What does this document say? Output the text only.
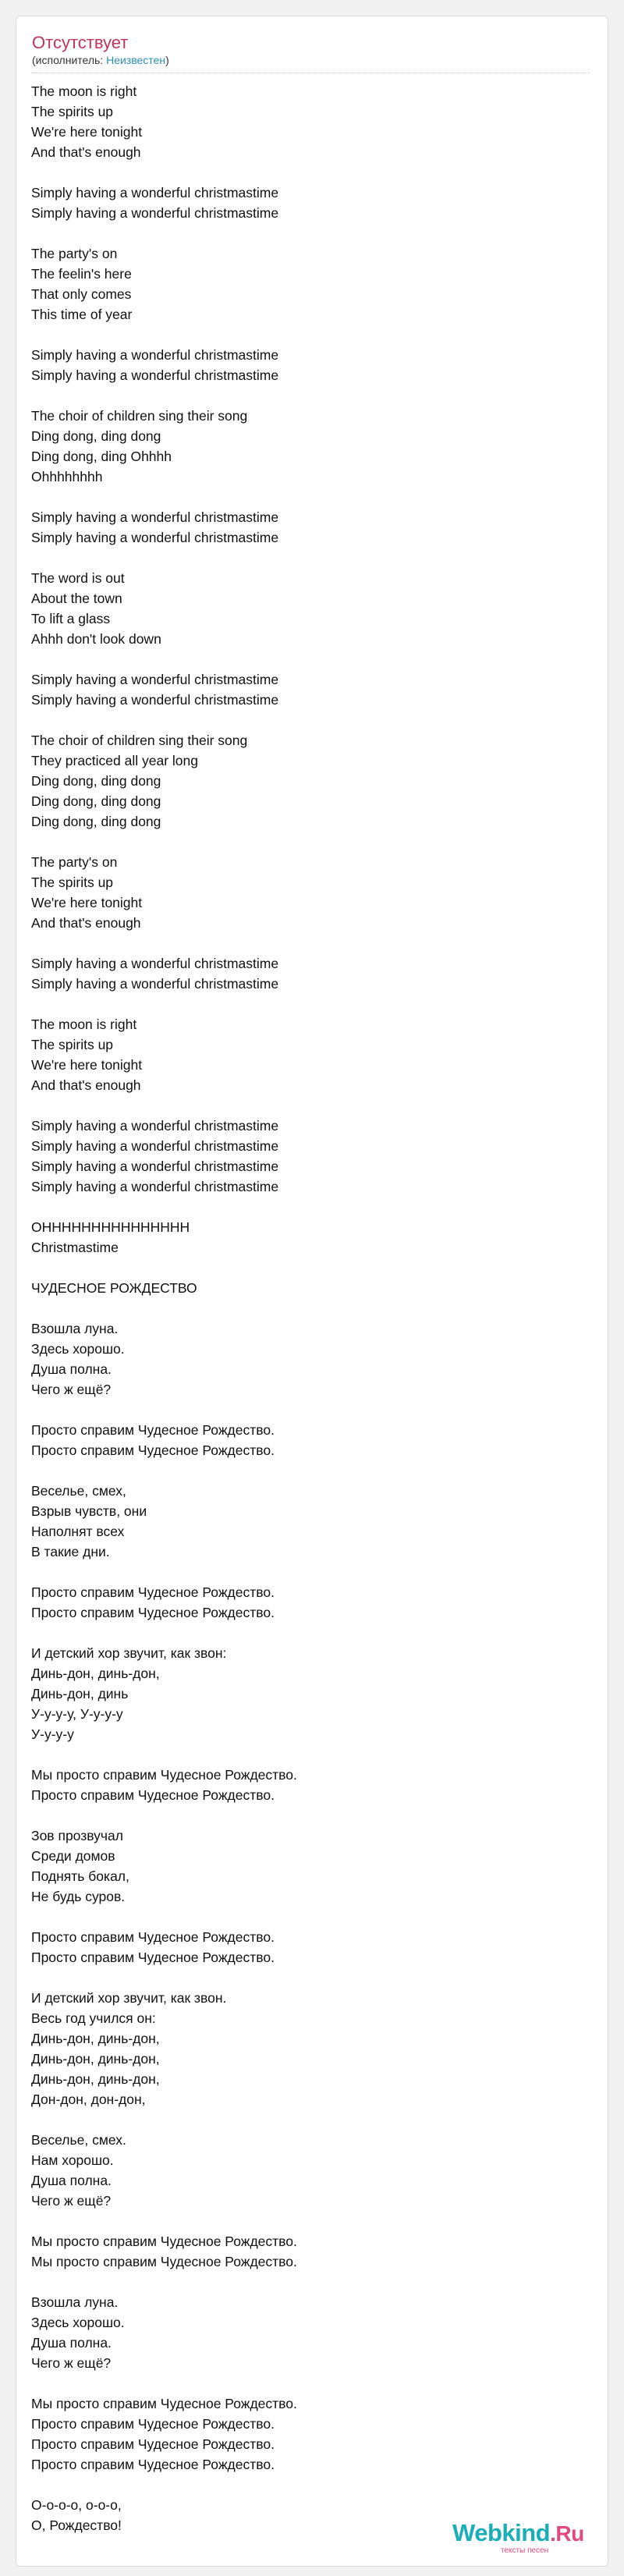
Отсутствует
(исполнитель: Неизвестен)
The moon is right
The spirits up
We're here tonight
And that's enough

Simply having a wonderful christmastime
Simply having a wonderful christmastime

The party's on
The feelin's here
That only comes
This time of year

Simply having a wonderful christmastime
Simply having a wonderful christmastime

The choir of children sing their song
Ding dong, ding dong
Ding dong, ding Ohhhh
Ohhhhhhhh

Simply having a wonderful christmastime
Simply having a wonderful christmastime

The word is out
About the town
To lift a glass
Ahhh don't look down

Simply having a wonderful christmastime
Simply having a wonderful christmastime

The choir of children sing their song
They practiced all year long
Ding dong, ding dong
Ding dong, ding dong
Ding dong, ding dong

The party's on
The spirits up
We're here tonight
And that's enough

Simply having a wonderful christmastime
Simply having a wonderful christmastime

The moon is right
The spirits up
We're here tonight
And that's enough

Simply having a wonderful christmastime
Simply having a wonderful christmastime
Simply having a wonderful christmastime
Simply having a wonderful christmastime

OHHHHHHHHHHHHHHH
Christmastime

ЧУДЕСНОЕ РОЖДЕСТВО

Взошла луна.
Здесь хорошо.
Душа полна.
Чего ж ещё?

Просто справим Чудесное Рождество.
Просто справим Чудесное Рождество.

Веселье, смех,
Взрыв чувств, они
Наполнят всех
В такие дни.

Просто справим Чудесное Рождество.
Просто справим Чудесное Рождество.

И детский хор звучит, как звон:
Динь-дон, динь-дон,
Динь-дон, динь
У-у-у-у, У-у-у-у
У-у-у-у

Мы просто справим Чудесное Рождество.
Просто справим Чудесное Рождество.

Зов прозвучал
Среди домов
Поднять бокал,
Не будь суров.

Просто справим Чудесное Рождество.
Просто справим Чудесное Рождество.

И детский хор звучит, как звон.
Весь год учился он:
Динь-дон, динь-дон,
Динь-дон, динь-дон,
Динь-дон, динь-дон,
Дон-дон, дон-дон,

Веселье, смех.
Нам хорошо.
Душа полна.
Чего ж ещё?

Мы просто справим Чудесное Рождество.
Мы просто справим Чудесное Рождество.

Взошла луна.
Здесь хорошо.
Душа полна.
Чего ж ещё?

Мы просто справим Чудесное Рождество.
Просто справим Чудесное Рождество.
Просто справим Чудесное Рождество.
Просто справим Чудесное Рождество.

О-о-о-о, о-о-о,
О, Рождество!	Webkind.Ru
тексты песен
